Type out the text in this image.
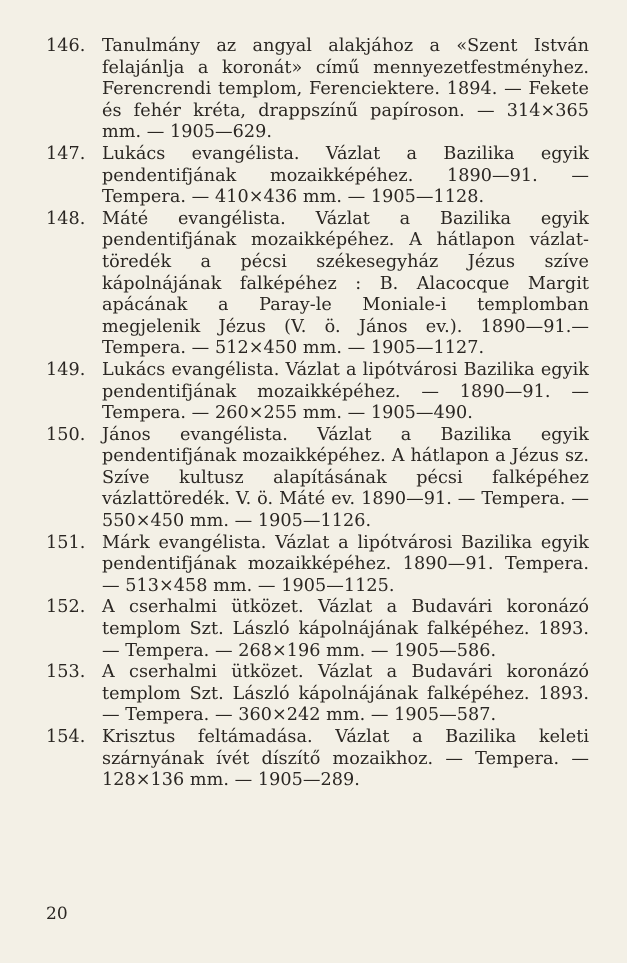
146. Tanulmány az angyal alakjához a «Szent István felajánlja a koronát» című mennyezetfestményhez. Ferencrendi templom, Ferenciektere. 1894. — Fekete és fehér kréta, drappszínű papíroson. — 314×365 mm. — 1905—629.
147. Lukács evangélista. Vázlat a Bazilika egyik pendentifjának mozaikképéhez. 1890—91. — Tempera. — 410×436 mm. — 1905—1128.
148. Máté evangélista. Vázlat a Bazilika egyik pendentifjának mozaikképéhez. A hátlapon vázlat-töredék a pécsi székesegyház Jézus szíve kápolnájának falképéhez : B. Alacocque Margit apácának a Paray-le Moniale-i templomban megjelenik Jézus (V. ö. János ev.). 1890—91.— Tempera. — 512×450 mm. — 1905—1127.
149. Lukács evangélista. Vázlat a lipótvárosi Bazilika egyik pendentifjának mozaikképéhez. — 1890—91. — Tempera. — 260×255 mm. — 1905—490.
150. János evangélista. Vázlat a Bazilika egyik pendentifjának mozaikképéhez. A hátlapon a Jézus sz. Szíve kultusz alapításának pécsi falképéhez vázlattöredék. V. ö. Máté ev. 1890—91. — Tempera. — 550×450 mm. — 1905—1126.
151. Márk evangélista. Vázlat a lipótvárosi Bazilika egyik pendentifjának mozaikképéhez. 1890—91. Tempera. — 513×458 mm. — 1905—1125.
152. A cserhalmi ütközet. Vázlat a Budavári koronázó templom Szt. László kápolnájának falképéhez. 1893. — Tempera. — 268×196 mm. — 1905—586.
153. A cserhalmi ütközet. Vázlat a Budavári koronázó templom Szt. László kápolnájának falképéhez. 1893. — Tempera. — 360×242 mm. — 1905—587.
154. Krisztus feltámadása. Vázlat a Bazilika keleti szárnyának ívét díszítő mozaikhoz. — Tempera. — 128×136 mm. — 1905—289.
20
